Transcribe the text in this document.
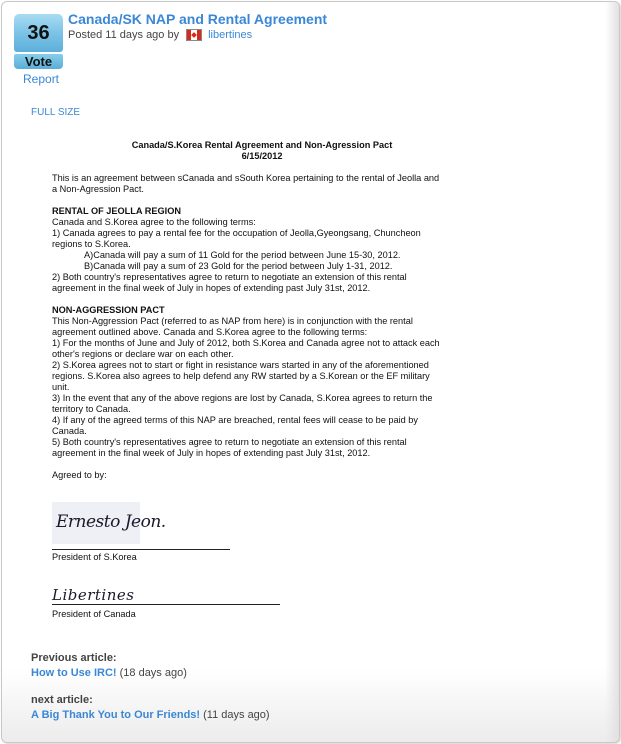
36
Vote
Report
Canada/SK NAP and Rental Agreement
Posted 11 days ago by	libertines
FULL SIZE

Canada/S.Korea Rental Agreement and Non-Agression Pact

6/15/2012

This is an agreement between sCanada and sSouth Korea pertaining to the rental of Jeolla and

a Non-Agression Pact.

RENTAL OF JEOLLA REGION

Canada and S.Korea agree to the following terms:

1) Canada agrees to pay a rental fee for the occupation of Jeolla,Gyeongsang, Chuncheon

regions to S.Korea.

A)Canada will pay a sum of 11 Gold for the period between June 15-30, 2012.

B)Canada will pay a sum of 23 Gold for the period between July 1-31, 2012.

2) Both country's representatives agree to return to negotiate an extension of this rental

agreement in the final week of July in hopes of extending past July 31st, 2012.

NON-AGGRESSION PACT

This Non-Aggression Pact (referred to as NAP from here) is in conjunction with the rental

agreement outlined above. Canada and S.Korea agree to the following terms:

1) For the months of June and July of 2012, both S.Korea and Canada agree not to attack each

other's regions or declare war on each other.

2) S.Korea agrees not to start or fight in resistance wars started in any of the aforementioned

regions. S.Korea also agrees to help defend any RW started by a S.Korean or the EF military

unit.

3) In the event that any of the above regions are lost by Canada, S.Korea agrees to return the

territory to Canada.

4) If any of the agreed terms of this NAP are breached, rental fees will cease to be paid by

Canada.

5) Both country's representatives agree to return to negotiate an extension of this rental

agreement in the final week of July in hopes of extending past July 31st, 2012.

Agreed to by:

Ernesto Jeon.
President of S.Korea
Libertines
President of Canada
Previous article:
How to Use IRC! (18 days ago)
next article:
A Big Thank You to Our Friends! (11 days ago)
